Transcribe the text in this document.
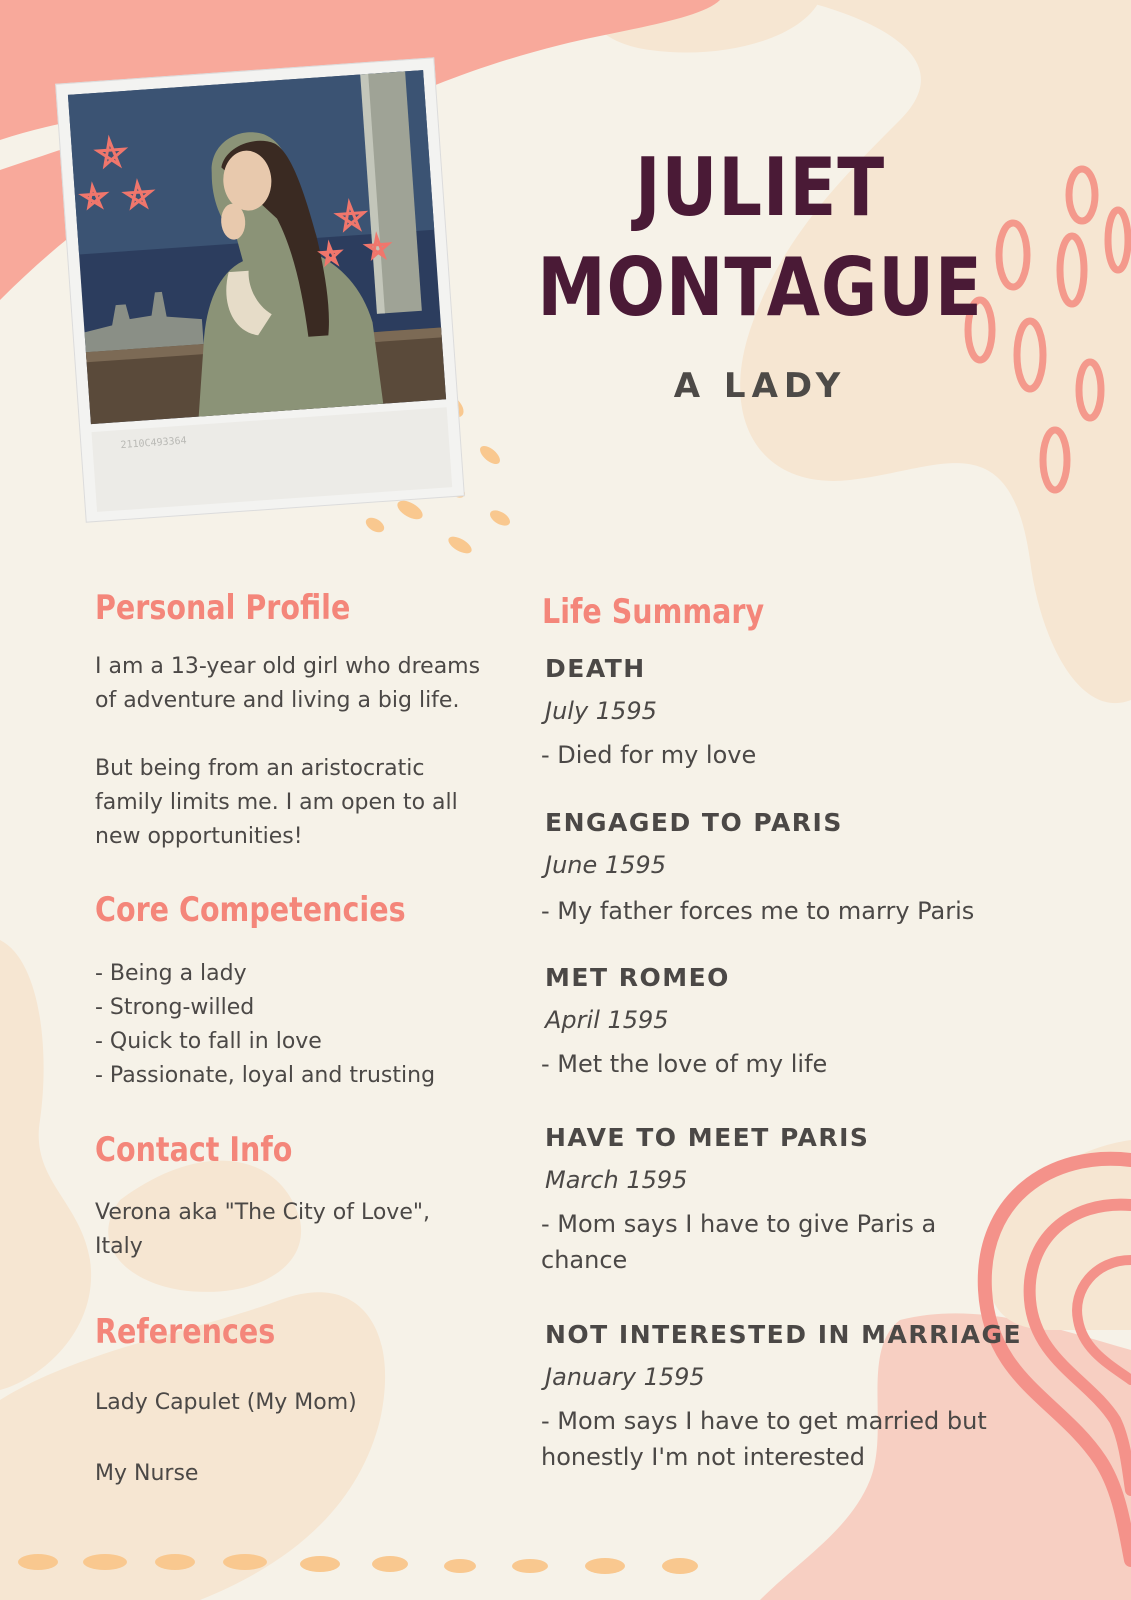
2110C493364
JULIET
MONTAGUE
A LADY
Personal Profile
I am a 13-year old girl who dreams
of adventure and living a big life.
But being from an aristocratic
family limits me. I am open to all
new opportunities!
Core Competencies
- Being a lady
- Strong-willed
- Quick to fall in love
- Passionate, loyal and trusting
Contact Info
Verona aka "The City of Love",
Italy
References
Lady Capulet (My Mom)
My Nurse
Life Summary
DEATH
July 1595
- Died for my love
ENGAGED TO PARIS
June 1595
- My father forces me to marry Paris
MET ROMEO
April 1595
- Met the love of my life
HAVE TO MEET PARIS
March 1595
- Mom says I have to give Paris a
chance
NOT INTERESTED IN MARRIAGE
January 1595
- Mom says I have to get married but
honestly I'm not interested
